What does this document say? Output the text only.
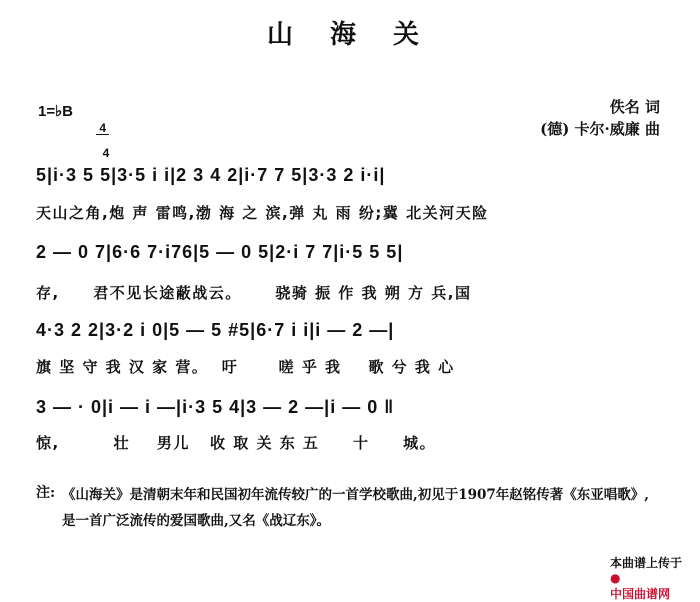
山 海 关
1=♭B

4

4

佚名 词
(德) 卡尔·威廉 曲
5|i·3 5 5|3·5 i i|2 3 4 2|i·7 7 5|3·3 2 i·i|
天山之角,炮 声 雷鸣,渤 海 之 滨,弹 丸 雨 纷;冀 北关河天险
2 — 0 7|6·6 7·i76|5 — 0 5|2·i 7 7|i·5 5 5|
存,     君不见长途蔽战云。     骁骑 振 作 我 朔 方 兵,国
4·3 2 2|3·2 i 0|5 — 5 #5|6·7 i i|i — 2 —|
旗 坚 守 我 汉 家 营。  吁      嗟 乎 我    歌 兮 我 心
3 — · 0|i — i —|i·3 5 4|3 — 2 —|i — 0 ‖
惊,        壮    男儿   收 取 关 东 五     十     城。
注: 《山海关》是清朝末年和民国初年流传较广的一首学校歌曲,初见于1907年赵铭传著《东亚唱歌》,是一首广泛流传的爱国歌曲,又名《战辽东》。

本曲谱上传于
●
中国曲谱网
